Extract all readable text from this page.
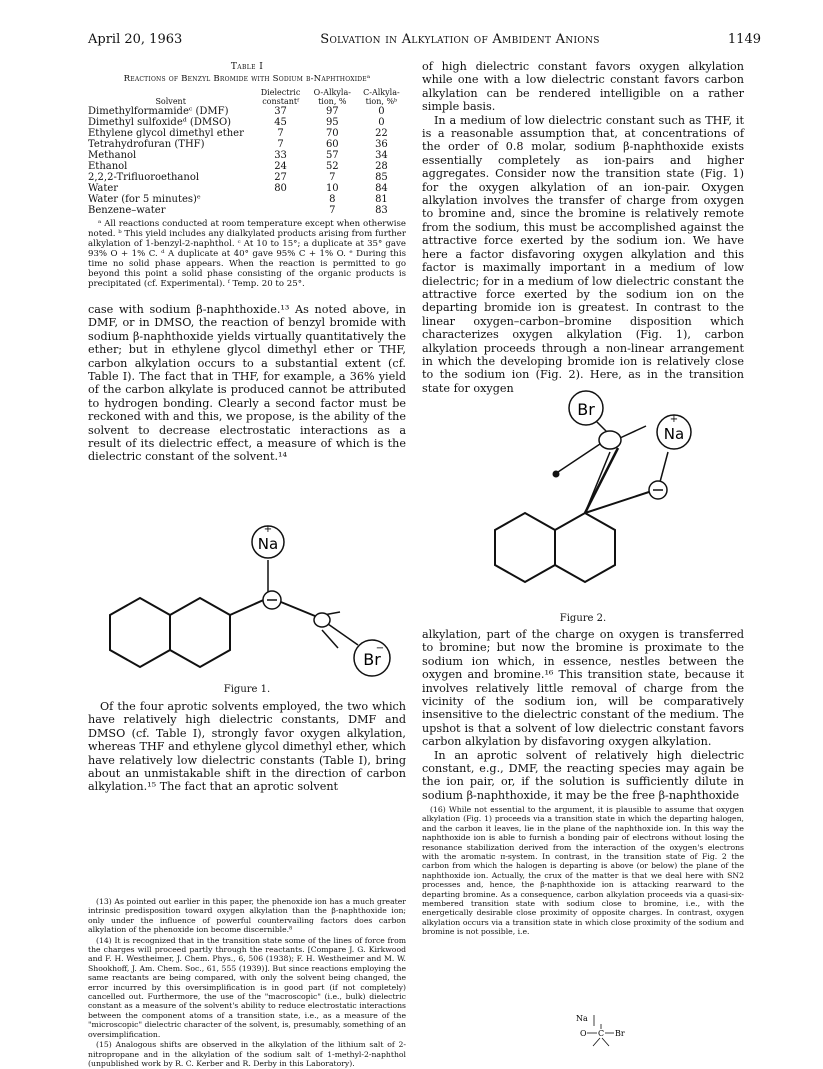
April 20, 1963	Solvation in Alkylation of Ambident Anions	1149
Table I
Reactions of Benzyl Bromide with Sodium β-Naphthoxideᵃ
Solvent	Dielectric constantᶠ	O-Alkyla-tion, %	C-Alkyla-tion, %ᵇ
Dimethylformamideᶜ (DMF)	37	97	0
Dimethyl sulfoxideᵈ (DMSO)	45	95	0
Ethylene glycol dimethyl ether	7	70	22
Tetrahydrofuran (THF)	7	60	36
Methanol	33	57	34
Ethanol	24	52	28
2,2,2-Trifluoroethanol	27	7	85
Water	80	10	84
Water (for 5 minutes)ᵉ		8	81
Benzene–water		7	83

ᵃ All reactions conducted at room temperature except when otherwise noted. ᵇ This yield includes any dialkylated products arising from further alkylation of 1-benzyl-2-naphthol. ᶜ At 10 to 15°; a duplicate at 35° gave 93% O + 1% C. ᵈ A duplicate at 40° gave 95% C + 1% O. ᵉ During this time no solid phase appears. When the reaction is permitted to go beyond this point a solid phase consisting of the organic products is precipitated (cf. Experimental). ᶠ Temp. 20 to 25°.

case with sodium β-naphthoxide.¹³ As noted above, in DMF, or in DMSO, the reaction of benzyl bromide with sodium β-naphthoxide yields virtually quantitatively the ether; but in ethylene glycol dimethyl ether or THF, carbon alkylation occurs to a substantial extent (cf. Table I). The fact that in THF, for example, a 36% yield of the carbon alkylate is produced cannot be attributed to hydrogen bonding. Clearly a second factor must be reckoned with and this, we propose, is the ability of the solvent to decrease electrostatic interactions as a result of its dielectric effect, a measure of which is the dielectric constant of the solvent.¹⁴

Na
+
Br
−
Figure 1.

Of the four aprotic solvents employed, the two which have relatively high dielectric constants, DMF and DMSO (cf. Table I), strongly favor oxygen alkylation, whereas THF and ethylene glycol dimethyl ether, which have relatively low dielectric constants (Table I), bring about an unmistakable shift in the direction of carbon alkylation.¹⁵ The fact that an aprotic solvent

(13) As pointed out earlier in this paper, the phenoxide ion has a much greater intrinsic predisposition toward oxygen alkylation than the β-naphthoxide ion; only under the influence of powerful countervailing factors does carbon alkylation of the phenoxide ion become discernible.⁸

(14) It is recognized that in the transition state some of the lines of force from the charges will proceed partly through the reactants. [Compare J. G. Kirkwood and F. H. Westheimer, J. Chem. Phys., 6, 506 (1938); F. H. Westheimer and M. W. Shookhoff, J. Am. Chem. Soc., 61, 555 (1939)]. But since reactions employing the same reactants are being compared, with only the solvent being changed, the error incurred by this oversimplification is in good part (if not completely) cancelled out. Furthermore, the use of the "macroscopic" (i.e., bulk) dielectric constant as a measure of the solvent's ability to reduce electrostatic interactions between the component atoms of a transition state, i.e., as a measure of the "microscopic" dielectric character of the solvent, is, presumably, something of an oversimplification.

(15) Analogous shifts are observed in the alkylation of the lithium salt of 2-nitropropane and in the alkylation of the sodium salt of 1-methyl-2-naphthol (unpublished work by R. C. Kerber and R. Derby in this Laboratory).

of high dielectric constant favors oxygen alkylation while one with a low dielectric constant favors carbon alkylation can be rendered intelligible on a rather simple basis.

In a medium of low dielectric constant such as THF, it is a reasonable assumption that, at concentrations of the order of 0.8 molar, sodium β-naphthoxide exists essentially completely as ion-pairs and higher aggregates. Consider now the transition state (Fig. 1) for the oxygen alkylation of an ion-pair. Oxygen alkylation involves the transfer of charge from oxygen to bromine and, since the bromine is relatively remote from the sodium, this must be accomplished against the attractive force exerted by the sodium ion. We have here a factor disfavoring oxygen alkylation and this factor is maximally important in a medium of low dielectric; for in a medium of low dielectric constant the attractive force exerted by the sodium ion on the departing bromide ion is greatest. In contrast to the linear oxygen–carbon–bromine disposition which characterizes oxygen alkylation (Fig. 1), carbon alkylation proceeds through a non-linear arrangement in which the developing bromide ion is relatively close to the sodium ion (Fig. 2). Here, as in the transition state for oxygen

Br
Na
+
Figure 2.

alkylation, part of the charge on oxygen is transferred to bromine; but now the bromine is proximate to the sodium ion which, in essence, nestles between the oxygen and bromine.¹⁶ This transition state, because it involves relatively little removal of charge from the vicinity of the sodium ion, will be comparatively insensitive to the dielectric constant of the medium. The upshot is that a solvent of low dielectric constant favors carbon alkylation by disfavoring oxygen alkylation.

In an aprotic solvent of relatively high dielectric constant, e.g., DMF, the reacting species may again be the ion pair, or, if the solution is sufficiently dilute in sodium β-naphthoxide, it may be the free β-naphthoxide

(16) While not essential to the argument, it is plausible to assume that oxygen alkylation (Fig. 1) proceeds via a transition state in which the departing halogen, and the carbon it leaves, lie in the plane of the naphthoxide ion. In this way the naphthoxide ion is able to furnish a bonding pair of electrons without losing the resonance stabilization derived from the interaction of the oxygen's electrons with the aromatic π-system. In contrast, in the transition state of Fig. 2 the carbon from which the halogen is departing is above (or below) the plane of the naphthoxide ion. Actually, the crux of the matter is that we deal here with SN2 processes and, hence, the β-naphthoxide ion is attacking rearward to the departing bromine. As a consequence, carbon alkylation proceeds via a quasi-six-membered transition state with sodium close to bromine, i.e., with the energetically desirable close proximity of opposite charges. In contrast, oxygen alkylation occurs via a transition state in which close proximity of the sodium and bromine is not possible, i.e.

Na
O C Br
